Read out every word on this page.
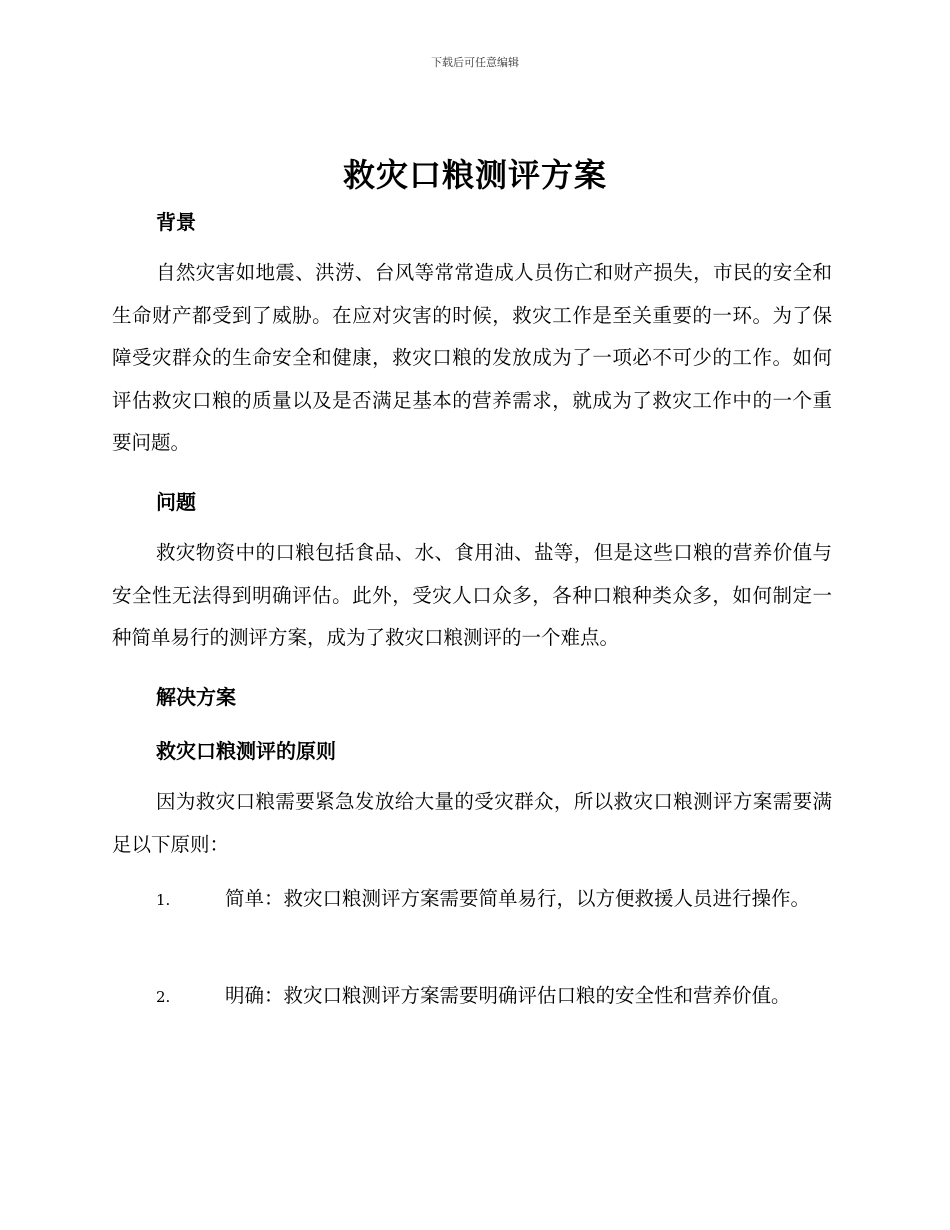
下载后可任意编辑
救灾口粮测评方案
背景
自然灾害如地震、洪涝、台风等常常造成人员伤亡和财产损失，市民的安全和生命财产都受到了威胁。在应对灾害的时候，救灾工作是至关重要的一环。为了保障受灾群众的生命安全和健康，救灾口粮的发放成为了一项必不可少的工作。如何评估救灾口粮的质量以及是否满足基本的营养需求，就成为了救灾工作中的一个重要问题。
问题
救灾物资中的口粮包括食品、水、食用油、盐等，但是这些口粮的营养价值与安全性无法得到明确评估。此外，受灾人口众多，各种口粮种类众多，如何制定一种简单易行的测评方案，成为了救灾口粮测评的一个难点。
解决方案
救灾口粮测评的原则
因为救灾口粮需要紧急发放给大量的受灾群众，所以救灾口粮测评方案需要满足以下原则：
1.	简单：救灾口粮测评方案需要简单易行，以方便救援人员进行操作。
2.	明确：救灾口粮测评方案需要明确评估口粮的安全性和营养价值。
